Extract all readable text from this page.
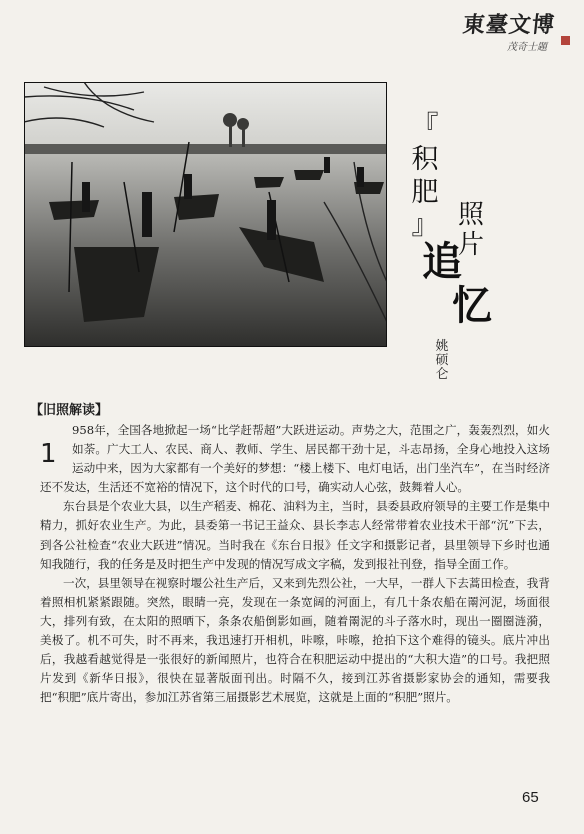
東臺文博
茂奇士題
『
积
肥
』 照
片
追
忆
姚
硕
仑
【旧照解读】

1
958年，全国各地掀起一场“比学赶帮超”大跃进运动。声势之大，范围之广，轰轰烈烈，如火如荼。广大工人、农民、商人、教师、学生、居民都干劲十足，斗志昂扬，全身心地投入这场运动中来，因为大家都有一个美好的梦想：“楼上楼下、电灯电话，出门坐汽车”，在当时经济还不发达，生活还不宽裕的情况下，这个时代的口号，确实动人心弦，鼓舞着人心。

东台县是个农业大县，以生产稻麦、棉花、油料为主，当时，县委县政府领导的主要工作是集中精力，抓好农业生产。为此，县委第一书记王益众、县长李志人经常带着农业技术干部“沉”下去，到各公社检查“农业大跃进”情况。当时我在《东台日报》任文字和摄影记者，县里领导下乡时也通知我随行，我的任务是及时把生产中发现的情况写成文字稿，发到报社刊登，指导全面工作。

一次，县里领导在视察时堰公社生产后，又来到先烈公社，一大早，一群人下去蒿田检查，我背着照相机紧紧跟随。突然，眼睛一亮，发现在一条宽阔的河面上，有几十条农船在罱河泥，场面很大，排列有致，在太阳的照晒下，条条农船倒影如画，随着罱泥的斗子落水时，现出一圈圈涟漪，美极了。机不可失，时不再来，我迅速打开相机，咔嚓，咔嚓，抢拍下这个难得的镜头。底片冲出后，我越看越觉得是一张很好的新闻照片，也符合在积肥运动中提出的“大积大造”的口号。我把照片发到《新华日报》，很快在显著版面刊出。时隔不久，接到江苏省摄影家协会的通知，需要我把“积肥”底片寄出，参加江苏省第三届摄影艺术展览，这就是上面的“积肥”照片。

65
